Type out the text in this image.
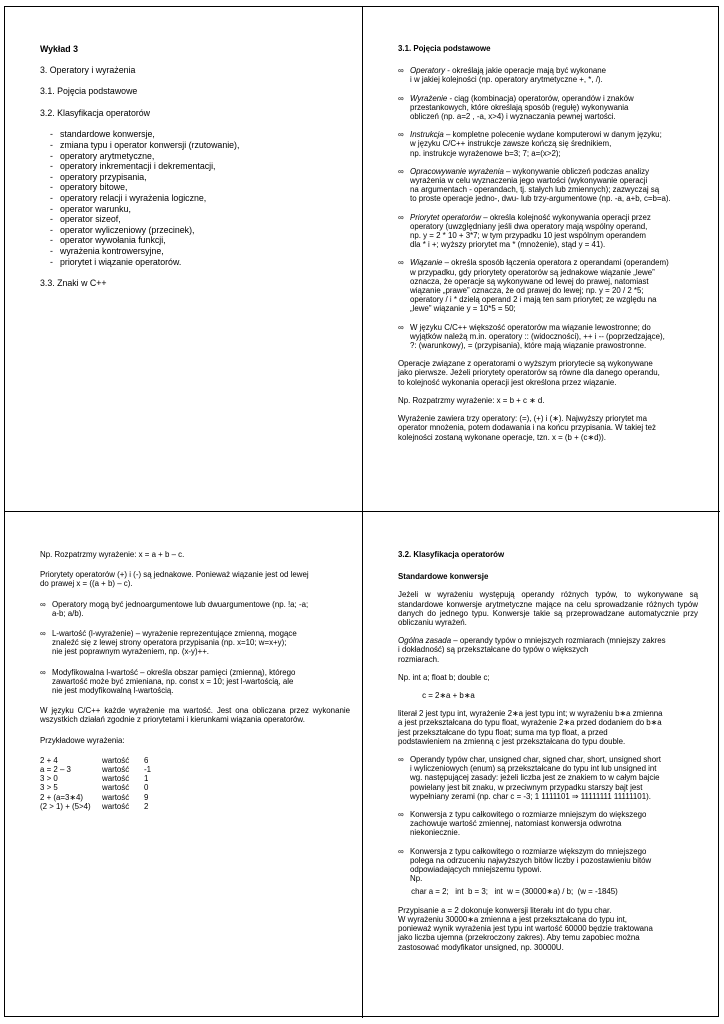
Wykład 3
3. Operatory i wyrażenia
3.1. Pojęcia podstawowe
3.2. Klasyfikacja operatorów
- standardowe konwersje,
- zmiana typu i operator konwersji (rzutowanie),
- operatory arytmetyczne,
- operatory inkrementacji i dekrementacji,
- operatory przypisania,
- operatory bitowe,
- operatory relacji i wyrażenia logiczne,
- operator warunku,
- operator sizeof,
- operator wyliczeniowy (przecinek),
- operator wywołania funkcji,
- wyrażenia kontrowersyjne,
- priorytet i wiązanie operatorów.
3.3. Znaki w C++
3.1. Pojęcia podstawowe
∞ Operatory - określają jakie operacje mają być wykonane
i w jakiej kolejności (np. operatory arytmetyczne +, *, /).
∞ Wyrażenie - ciąg (kombinacja) operatorów, operandów i znaków
przestankowych, które określają sposób (regułę) wykonywania
obliczeń (np. a=2 , -a, x>4) i wyznaczania pewnej wartości.
∞ Instrukcja – kompletne polecenie wydane komputerowi w danym języku;
w języku C/C++ instrukcje zawsze kończą się średnikiem,
np. instrukcje wyrażenowe b=3; 7; a=(x>2);
∞ Opracowywanie wyrażenia – wykonywanie obliczeń podczas analizy
wyrażenia w celu wyznaczenia jego wartości (wykonywanie operacji
na argumentach - operandach, tj. stałych lub zmiennych); zazwyczaj są
to proste operacje jedno-, dwu- lub trzy-argumentowe (np. -a, a+b, c=b=a).
∞ Priorytet operatorów – określa kolejność wykonywania operacji przez
operatory (uwzględniany jeśli dwa operatory mają wspólny operand,
np. y = 2 * 10 + 3*7; w tym przypadku 10 jest wspólnym operandem
dla * i +; wyższy priorytet ma * (mnożenie), stąd y = 41).
∞ Wiązanie – określa sposób łączenia operatora z operandami (operandem)
w przypadku, gdy priorytety operatorów są jednakowe wiązanie „lewe”
oznacza, że operacje są wykonywane od lewej do prawej, natomiast
wiązanie „prawe” oznacza, że od prawej do lewej; np. y = 20 / 2 *5;
operatory / i * dzielą operand 2 i mają ten sam priorytet; ze względu na
„lewe” wiązanie y = 10*5 = 50;
∞ W języku C/C++ większość operatorów ma wiązanie lewostronne; do
wyjątków należą m.in. operatory :: (widoczności), ++ i -- (poprzedzające),
?: (warunkowy), = (przypisania), które mają wiązanie prawostronne.
Operacje związane z operatorami o wyższym priorytecie są wykonywane
jako pierwsze. Jeżeli priorytety operatorów są równe dla danego operandu,
to kolejność wykonania operacji jest określona przez wiązanie.
Np. Rozpatrzmy wyrażenie: x = b + c ∗ d.
Wyrażenie zawiera trzy operatory: (=), (+) i (∗). Najwyższy priorytet ma
operator mnożenia, potem dodawania i na końcu przypisania. W takiej też
kolejności zostaną wykonane operacje, tzn. x = (b + (c∗d)).
Np. Rozpatrzmy wyrażenie: x = a + b – c.
Priorytety operatorów (+) i (-) są jednakowe. Ponieważ wiązanie jest od lewej
do prawej x = ((a + b) – c).
∞ Operatory mogą być jednoargumentowe lub dwuargumentowe (np. !a; -a;
a-b; a/b).
∞ L-wartość (l-wyrażenie) – wyrażenie reprezentujące zmienną, mogące
znaleźć się z lewej strony operatora przypisania (np. x=10; w=x+y);
nie jest poprawnym wyrażeniem, np. (x-y)++.
∞ Modyfikowalna l-wartość – określa obszar pamięci (zmienną), którego
zawartość może być zmieniana, np. const x = 10; jest l-wartością, ale
nie jest modyfikowalną l-wartością.
W języku C/C++ każde wyrażenie ma wartość. Jest ona obliczana przez wykonanie wszystkich działań zgodnie z priorytetami i kierunkami wiązania operatorów.
Przykładowe wyrażenia:
2 + 4	wartość	6
a = 2 – 3	wartość	-1
3 > 0	wartość	1
3 > 5	wartość	0
2 + (a=3∗4)	wartość	9
(2 > 1) + (5>4)	wartość	2
3.2. Klasyfikacja operatorów
Standardowe konwersje
Jeżeli w wyrażeniu występują operandy różnych typów, to wykonywane są standardowe konwersje arytmetyczne mające na celu sprowadzanie różnych typów danych do jednego typu. Konwersje takie są przeprowadzane automatycznie przy obliczaniu wyrażeń.
Ogólna zasada – operandy typów o mniejszych rozmiarach (mniejszy zakres
i dokładność) są przekształcane do typów o większych
rozmiarach.
Np. int a; float b; double c;
c = 2∗a + b∗a
literał 2 jest typu int, wyrażenie 2∗a jest typu int; w wyrażeniu b∗a zmienna
a jest przekształcana do typu float, wyrażenie 2∗a przed dodaniem do b∗a
jest przekształcane do typu float; suma ma typ float, a przed
podstawieniem na zmienną c jest przekształcana do typu double.
∞ Operandy typów char, unsigned char, signed char, short, unsigned short
i wyliczeniowych (enum) są przekształcane do typu int lub unsigned int
wg. następującej zasady: jeżeli liczba jest ze znakiem to w całym bajcie
powielany jest bit znaku, w przeciwnym przypadku starszy bajt jest
wypełniany zerami (np. char c = -3; 1 1111101 ⇒ 11111111 11111101).
∞ Konwersja z typu całkowitego o rozmiarze mniejszym do większego
zachowuje wartość zmiennej, natomiast konwersja odwrotna
niekoniecznie.
∞ Konwersja z typu całkowitego o rozmiarze większym do mniejszego
polega na odrzuceniu najwyższych bitów liczby i pozostawieniu bitów
odpowiadających mniejszemu typowi.
Np.
char a = 2;   int  b = 3;   int  w = (30000∗a) / b;  (w = -1845)
Przypisanie a = 2 dokonuje konwersji literału int do typu char.
W wyrażeniu 30000∗a zmienna a jest przekształcana do typu int,
ponieważ wynik wyrażenia jest typu int wartość 60000 będzie traktowana
jako liczba ujemna (przekroczony zakres). Aby temu zapobiec można
zastosować modyfikator unsigned, np. 30000U.
